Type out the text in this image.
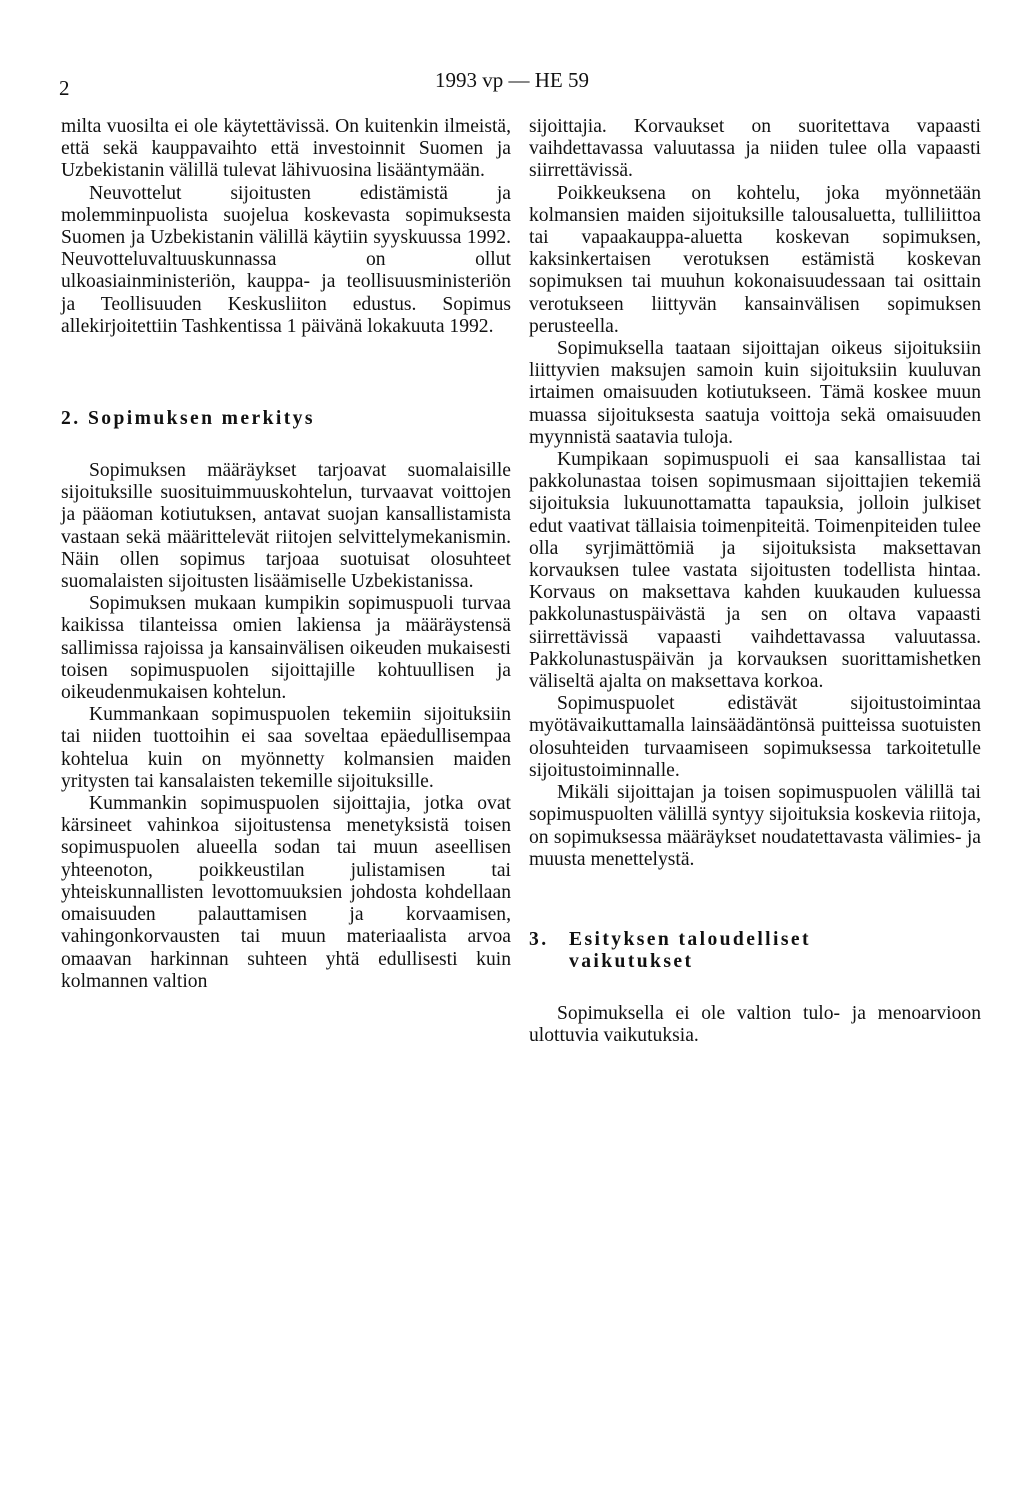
2	1993 vp — HE 59

milta vuosilta ei ole käytettävissä. On kuitenkin ilmeistä, että sekä kauppavaihto että investoinnit Suomen ja Uzbekistanin välillä tulevat lähivuosina lisääntymään.

Neuvottelut sijoitusten edistämistä ja molemminpuolista suojelua koskevasta sopimuksesta Suomen ja Uzbekistanin välillä käytiin syyskuussa 1992. Neuvotteluvaltuuskunnassa on ollut ulkoasiainministeriön, kauppa- ja teollisuusministeriön ja Teollisuuden Keskusliiton edustus. Sopimus allekirjoitettiin Tashkentissa 1 päivänä lokakuuta 1992.

2. Sopimuksen merkitys

Sopimuksen määräykset tarjoavat suomalaisille sijoituksille suosituimmuuskohtelun, turvaavat voittojen ja pääoman kotiutuksen, antavat suojan kansallistamista vastaan sekä määrittelevät riitojen selvittelymekanismin. Näin ollen sopimus tarjoaa suotuisat olosuhteet suomalaisten sijoitusten lisäämiselle Uzbekistanissa.

Sopimuksen mukaan kumpikin sopimuspuoli turvaa kaikissa tilanteissa omien lakiensa ja määräystensä sallimissa rajoissa ja kansainvälisen oikeuden mukaisesti toisen sopimuspuolen sijoittajille kohtuullisen ja oikeudenmukaisen kohtelun.

Kummankaan sopimuspuolen tekemiin sijoituksiin tai niiden tuottoihin ei saa soveltaa epäedullisempaa kohtelua kuin on myönnetty kolmansien maiden yritysten tai kansalaisten tekemille sijoituksille.

Kummankin sopimuspuolen sijoittajia, jotka ovat kärsineet vahinkoa sijoitustensa menetyksistä toisen sopimuspuolen alueella sodan tai muun aseellisen yhteenoton, poikkeustilan julistamisen tai yhteiskunnallisten levottomuuksien johdosta kohdellaan omaisuuden palauttamisen ja korvaamisen, vahingonkorvausten tai muun materiaalista arvoa omaavan harkinnan suhteen yhtä edullisesti kuin kolmannen valtion

sijoittajia. Korvaukset on suoritettava vapaasti vaihdettavassa valuutassa ja niiden tulee olla vapaasti siirrettävissä.

Poikkeuksena on kohtelu, joka myönnetään kolmansien maiden sijoituksille talousaluetta, tulliliittoa tai vapaakauppa-aluetta koskevan sopimuksen, kaksinkertaisen verotuksen estämistä koskevan sopimuksen tai muuhun kokonaisuudessaan tai osittain verotukseen liittyvän kansainvälisen sopimuksen perusteella.

Sopimuksella taataan sijoittajan oikeus sijoituksiin liittyvien maksujen samoin kuin sijoituksiin kuuluvan irtaimen omaisuuden kotiutukseen. Tämä koskee muun muassa sijoituksesta saatuja voittoja sekä omaisuuden myynnistä saatavia tuloja.

Kumpikaan sopimuspuoli ei saa kansallistaa tai pakkolunastaa toisen sopimusmaan sijoittajien tekemiä sijoituksia lukuunottamatta tapauksia, jolloin julkiset edut vaativat tällaisia toimenpiteitä. Toimenpiteiden tulee olla syrjimättömiä ja sijoituksista maksettavan korvauksen tulee vastata sijoitusten todellista hintaa. Korvaus on maksettava kahden kuukauden kuluessa pakkolunastuspäivästä ja sen on oltava vapaasti siirrettävissä vapaasti vaihdettavassa valuutassa. Pakkolunastuspäivän ja korvauksen suorittamishetken väliseltä ajalta on maksettava korkoa.

Sopimuspuolet edistävät sijoitustoimintaa myötävaikuttamalla lainsäädäntönsä puitteissa suotuisten olosuhteiden turvaamiseen sopimuksessa tarkoitetulle sijoitustoiminnalle.

Mikäli sijoittajan ja toisen sopimuspuolen välillä tai sopimuspuolten välillä syntyy sijoituksia koskevia riitoja, on sopimuksessa määräykset noudatettavasta välimies- ja muusta menettelystä.

3. Esityksen taloudelliset
vaikutukset

Sopimuksella ei ole valtion tulo- ja menoarvioon ulottuvia vaikutuksia.
